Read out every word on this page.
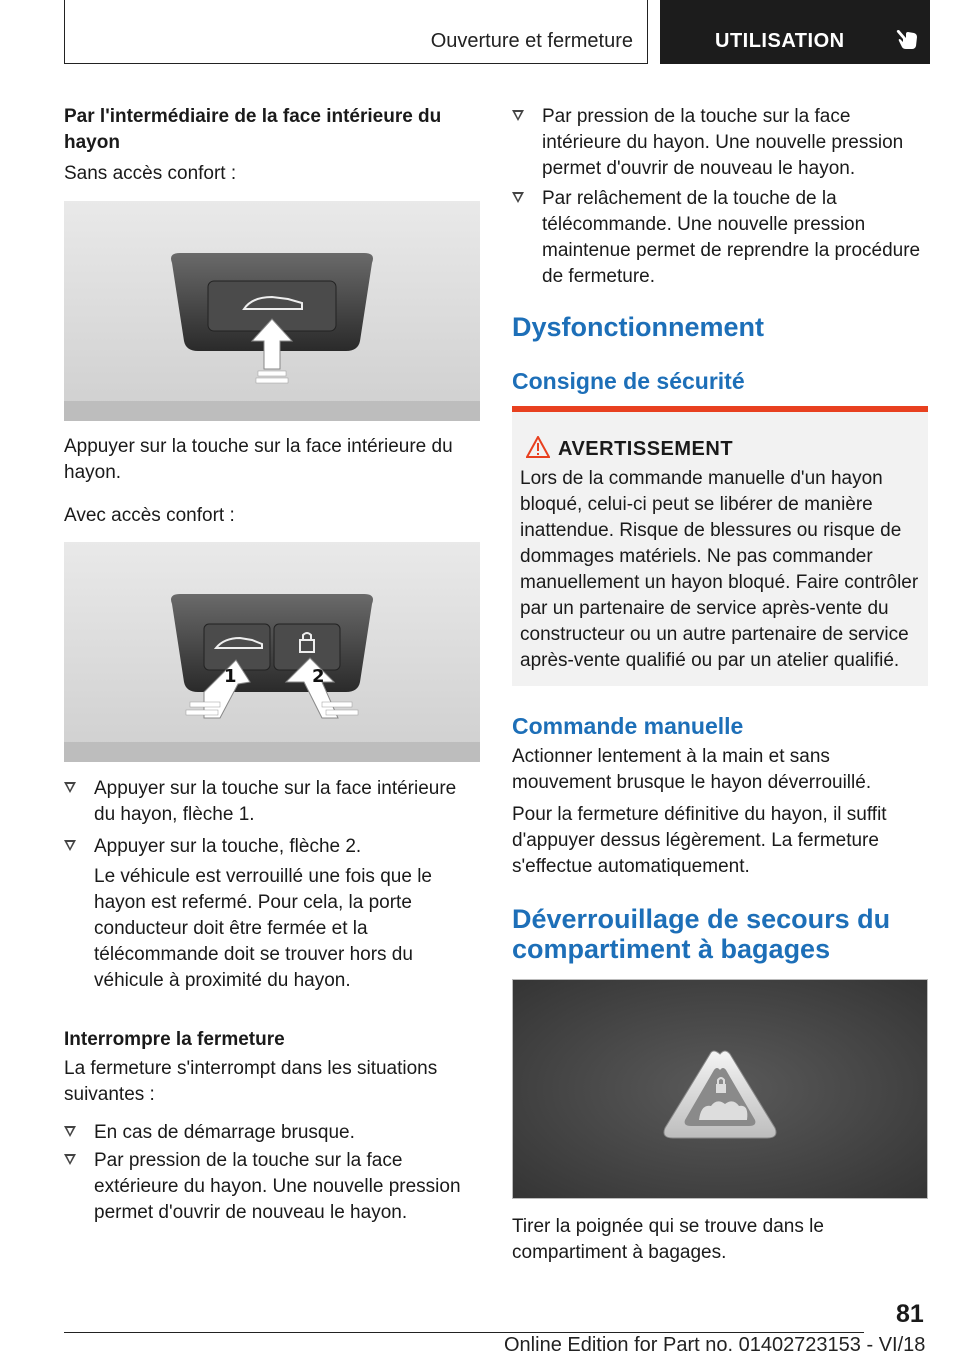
Ouverture et fermeture	UTILISATION

Par l'intermédiaire de la face intérieure du hayon

Sans accès confort :

Appuyer sur la touche sur la face intérieure du hayon.

Avec accès confort :

1	2
Appuyer sur la touche sur la face intérieure du hayon, flèche 1.
Appuyer sur la touche, flèche 2.

Le véhicule est verrouillé une fois que le hayon est refermé. Pour cela, la porte conducteur doit être fermée et la télécommande doit se trouver hors du véhicule à proximité du hayon.

Interrompre la fermeture

La fermeture s'interrompt dans les situations suivantes :

En cas de démarrage brusque.
Par pression de la touche sur la face extérieure du hayon. Une nouvelle pression permet d'ouvrir de nouveau le hayon.
Par pression de la touche sur la face intérieure du hayon. Une nouvelle pression permet d'ouvrir de nouveau le hayon.
Par relâchement de la touche de la télécommande. Une nouvelle pression maintenue permet de reprendre la procédure de fermeture.

Dysfonctionnement

Consigne de sécurité

AVERTISSEMENT
Lors de la commande manuelle d'un hayon bloqué, celui-ci peut se libérer de manière inattendue. Risque de blessures ou risque de dommages matériels. Ne pas commander manuellement un hayon bloqué. Faire contrôler par un partenaire de service après-vente du constructeur ou un autre partenaire de service après-vente qualifié ou par un atelier qualifié.

Commande manuelle

Actionner lentement à la main et sans mouvement brusque le hayon déverrouillé.

Pour la fermeture définitive du hayon, il suffit d'appuyer dessus légèrement. La fermeture s'effectue automatiquement.

Déverrouillage de secours du compartiment à bagages

Tirer la poignée qui se trouve dans le compartiment à bagages.

81
Online Edition for Part no. 01402723153 - VI/18
